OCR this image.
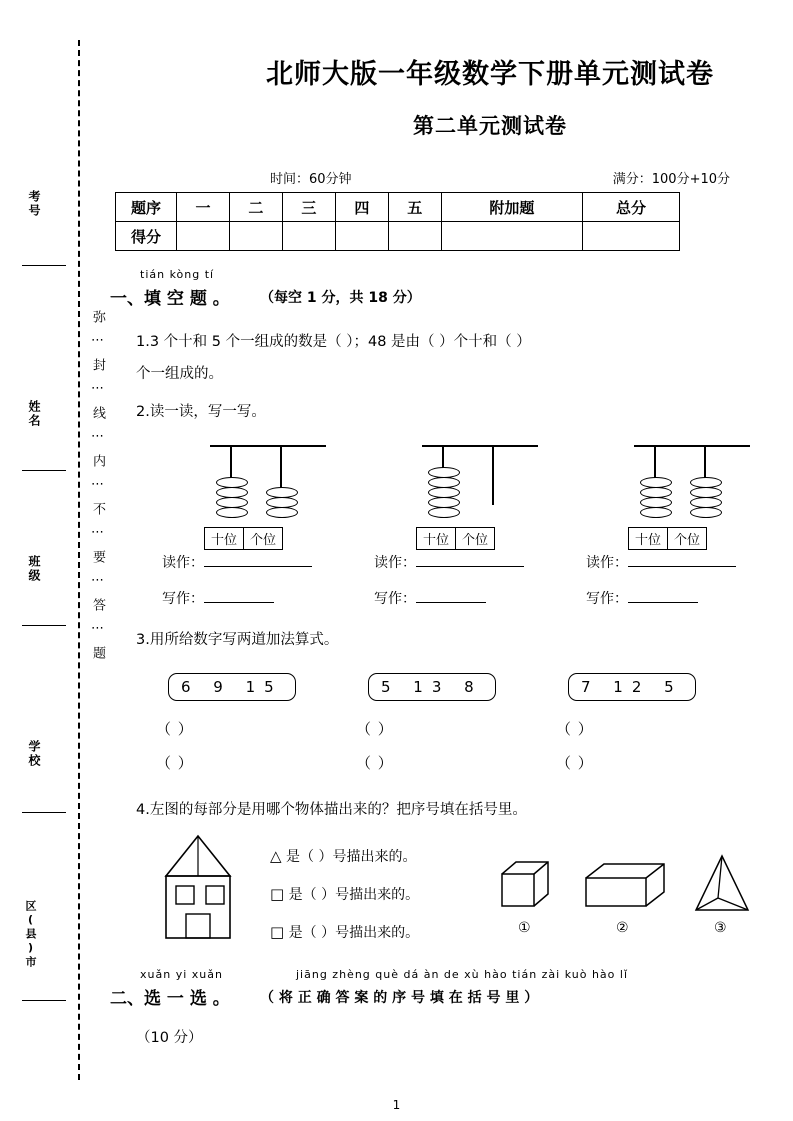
考号
姓名
班级
学校
区(县)市
弥⋯封⋯线⋯内⋯不⋯要⋯答⋯题
北师大版一年级数学下册单元测试卷
第二单元测试卷
时间：60分钟	满分：100分+10分
题序	一	二	三	四	五	附加题	总分
得分							
tián kòng tí
一、填 空 题 。 （每空 1 分，共 18 分）
1.3 个十和 5 个一组成的数是（ ）；48 是由（ ）个十和（ ）
个一组成的。
2.读一读，写一写。
十位	个位	十位	个位	十位	个位
读作：
写作：
读作：
写作：
读作：
写作：
3.用所给数字写两道加法算式。
6 9 15	5 13 8	7 12 5
（ ）
（ ）
（ ）
（ ）
（ ）
（ ）
4.左图的每部分是用哪个物体描出来的？把序号填在括号里。
△ 是（ ）号描出来的。
□ 是（ ）号描出来的。
□ 是（ ）号描出来的。	①	②	③
xuǎn yi xuǎn	jiāng zhèng què dá àn de xù hào tián zài kuò hào lǐ
二、选 一 选 。 （ 将 正 确 答 案 的 序 号 填 在 括 号 里 ）
（10 分）
1
